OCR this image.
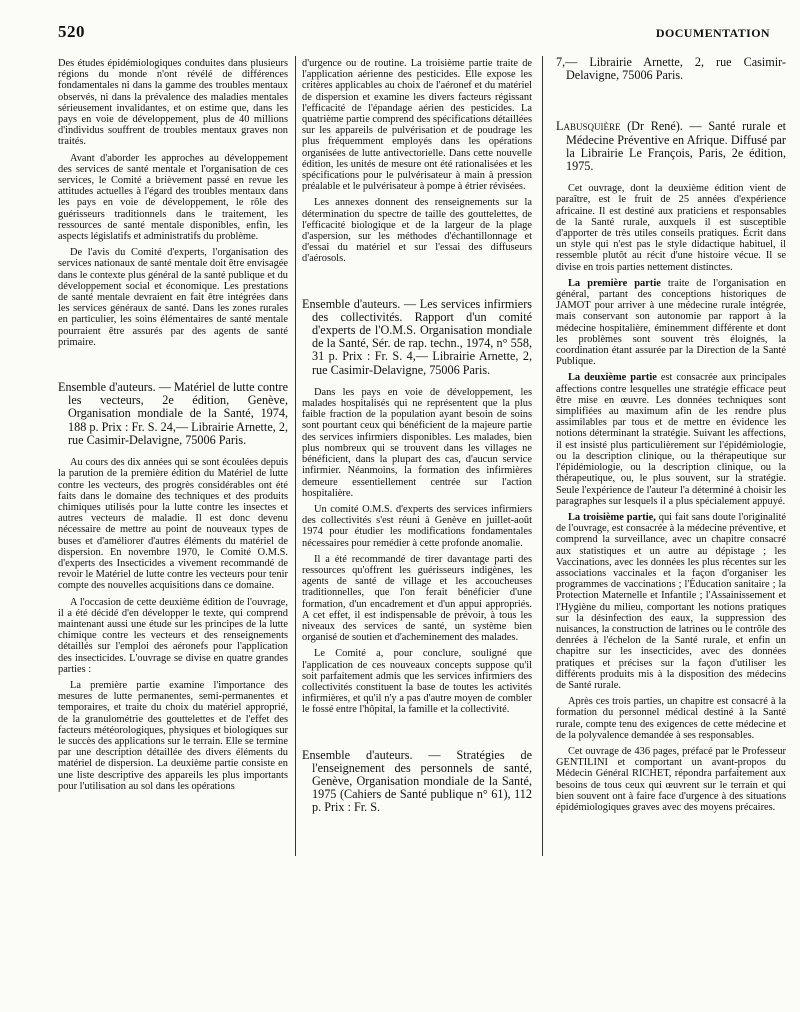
520	DOCUMENTATION

Des études épidémiologiques conduites dans plusieurs régions du monde n'ont révélé de différences fondamentales ni dans la gamme des troubles mentaux observés, ni dans la prévalence des maladies mentales sérieusement invalidantes, et on estime que, dans les pays en voie de développement, plus de 40 millions d'individus souffrent de troubles mentaux graves non traités.

Avant d'aborder les approches au développement des services de santé mentale et l'organisation de ces services, le Comité a brièvement passé en revue les attitudes actuelles à l'égard des troubles mentaux dans les pays en voie de développement, le rôle des guérisseurs traditionnels dans le traitement, les ressources de santé mentale disponibles, enfin, les aspects législatifs et administratifs du problème.

De l'avis du Comité d'experts, l'organisation des services nationaux de santé mentale doit être envisagée dans le contexte plus général de la santé publique et du développement social et économique. Les prestations de santé mentale devraient en fait être intégrées dans les services généraux de santé. Dans les zones rurales en particulier, les soins élémentaires de santé mentale pourraient être assurés par des agents de santé primaire.

Ensemble d'auteurs. — Matériel de lutte contre les vecteurs, 2e édition, Genève, Organisation mondiale de la Santé, 1974, 188 p. Prix : Fr. S. 24,— Librairie Arnette, 2, rue Casimir-Delavigne, 75006 Paris.

Au cours des dix années qui se sont écoulées depuis la parution de la première édition du Matériel de lutte contre les vecteurs, des progrès considérables ont été faits dans le domaine des techniques et des produits chimiques utilisés pour la lutte contre les insectes et autres vecteurs de maladie. Il est donc devenu nécessaire de mettre au point de nouveaux types de buses et d'améliorer d'autres éléments du matériel de dispersion. En novembre 1970, le Comité O.M.S. d'experts des Insecticides a vivement recommandé de revoir le Matériel de lutte contre les vecteurs pour tenir compte des nouvelles acquisitions dans ce domaine.

A l'occasion de cette deuxième édition de l'ouvrage, il a été décidé d'en développer le texte, qui comprend maintenant aussi une étude sur les principes de la lutte chimique contre les vecteurs et des renseignements détaillés sur l'emploi des aéronefs pour l'application des insecticides. L'ouvrage se divise en quatre grandes parties :

La première partie examine l'importance des mesures de lutte permanentes, semi-permanentes et temporaires, et traite du choix du matériel approprié, de la granulométrie des gouttelettes et de l'effet des facteurs météorologiques, physiques et biologiques sur le succès des applications sur le terrain. Elle se termine par une description détaillée des divers éléments du matériel de dispersion. La deuxième partie consiste en une liste descriptive des appareils les plus importants pour l'utilisation au sol dans les opérations

d'urgence ou de routine. La troisième partie traite de l'application aérienne des pesticides. Elle expose les critères applicables au choix de l'aéronef et du matériel de dispersion et examine les divers facteurs régissant l'efficacité de l'épandage aérien des pesticides. La quatrième partie comprend des spécifications détaillées sur les appareils de pulvérisation et de poudrage les plus fréquemment employés dans les opérations organisées de lutte antivectorielle. Dans cette nouvelle édition, les unités de mesure ont été rationalisées et les spécifications pour le pulvérisateur à main à pression préalable et le pulvérisateur à pompe à étrier révisées.

Les annexes donnent des renseignements sur la détermination du spectre de taille des gouttelettes, de l'efficacité biologique et de la largeur de la plage d'aspersion, sur les méthodes d'échantillonnage et d'essai du matériel et sur l'essai des diffuseurs d'aérosols.

Ensemble d'auteurs. — Les services infirmiers des collectivités. Rapport d'un comité d'experts de l'O.M.S. Organisation mondiale de la Santé, Sér. de rap. techn., 1974, n° 558, 31 p. Prix : Fr. S. 4,— Librairie Arnette, 2, rue Casimir-Delavigne, 75006 Paris.

Dans les pays en voie de développement, les malades hospitalisés qui ne représentent que la plus faible fraction de la population ayant besoin de soins sont pourtant ceux qui bénéficient de la majeure partie des services infirmiers disponibles. Les malades, bien plus nombreux qui se trouvent dans les villages ne bénéficient, dans la plupart des cas, d'aucun service infirmier. Néanmoins, la formation des infirmières demeure essentiellement centrée sur l'action hospitalière.

Un comité O.M.S. d'experts des services infirmiers des collectivités s'est réuni à Genève en juillet-août 1974 pour étudier les modifications fondamentales nécessaires pour remédier à cette profonde anomalie.

Il a été recommandé de tirer davantage parti des ressources qu'offrent les guérisseurs indigènes, les agents de santé de village et les accoucheuses traditionnelles, que l'on ferait bénéficier d'une formation, d'un encadrement et d'un appui appropriés. A cet effet, il est indispensable de prévoir, à tous les niveaux des services de santé, un système bien organisé de soutien et d'acheminement des malades.

Le Comité a, pour conclure, souligné que l'application de ces nouveaux concepts suppose qu'il soit parfaitement admis que les services infirmiers des collectivités constituent la base de toutes les activités infirmières, et qu'il n'y a pas d'autre moyen de combler le fossé entre l'hôpital, la famille et la collectivité.

Ensemble d'auteurs. — Stratégies de l'enseignement des personnels de santé, Genève, Organisation mondiale de la Santé, 1975 (Cahiers de Santé publique n° 61), 112 p. Prix : Fr. S.
7,— Librairie Arnette, 2, rue Casimir-Delavigne, 75006 Paris.
Labusquière (Dr René). — Santé rurale et Médecine Préventive en Afrique. Diffusé par la Librairie Le François, Paris, 2e édition, 1975.

Cet ouvrage, dont la deuxième édition vient de paraître, est le fruit de 25 années d'expérience africaine. Il est destiné aux praticiens et responsables de la Santé rurale, auxquels il est susceptible d'apporter de très utiles conseils pratiques. Écrit dans un style qui n'est pas le style didactique habituel, il ressemble plutôt au récit d'une histoire vécue. Il se divise en trois parties nettement distinctes.

La première partie traite de l'organisation en général, partant des conceptions historiques de JAMOT pour arriver à une médecine rurale intégrée, mais conservant son autonomie par rapport à la médecine hospitalière, éminemment différente et dont les problèmes sont souvent très éloignés, la coordination étant assurée par la Direction de la Santé Publique.

La deuxième partie est consacrée aux principales affections contre lesquelles une stratégie efficace peut être mise en œuvre. Les données techniques sont simplifiées au maximum afin de les rendre plus assimilables par tous et de mettre en évidence les notions déterminant la stratégie. Suivant les affections, il est insisté plus particulièrement sur l'épidémiologie, ou la description clinique, ou la thérapeutique sur l'épidémiologie, ou la description clinique, ou la thérapeutique, ou, le plus souvent, sur la stratégie. Seule l'expérience de l'auteur l'a déterminé à choisir les paragraphes sur lesquels il a plus spécialement appuyé.

La troisième partie, qui fait sans doute l'originalité de l'ouvrage, est consacrée à la médecine préventive, et comprend la surveillance, avec un chapitre consacré aux statistiques et un autre au dépistage ; les Vaccinations, avec les données les plus récentes sur les associations vaccinales et la façon d'organiser les programmes de vaccinations ; l'Éducation sanitaire ; la Protection Maternelle et Infantile ; l'Assainissement et l'Hygiène du milieu, comportant les notions pratiques sur la désinfection des eaux, la suppression des nuisances, la construction de latrines ou le contrôle des denrées à l'échelon de la Santé rurale, et enfin un chapitre sur les insecticides, avec des données pratiques et précises sur la façon d'utiliser les différents produits mis à la disposition des médecins de Santé rurale.

Après ces trois parties, un chapitre est consacré à la formation du personnel médical destiné à la Santé rurale, compte tenu des exigences de cette médecine et de la polyvalence demandée à ses responsables.

Cet ouvrage de 436 pages, préfacé par le Professeur GENTILINI et comportant un avant-propos du Médecin Général RICHET, répondra parfaitement aux besoins de tous ceux qui œuvrent sur le terrain et qui bien souvent ont à faire face d'urgence à des situations épidémiologiques graves avec des moyens précaires.
